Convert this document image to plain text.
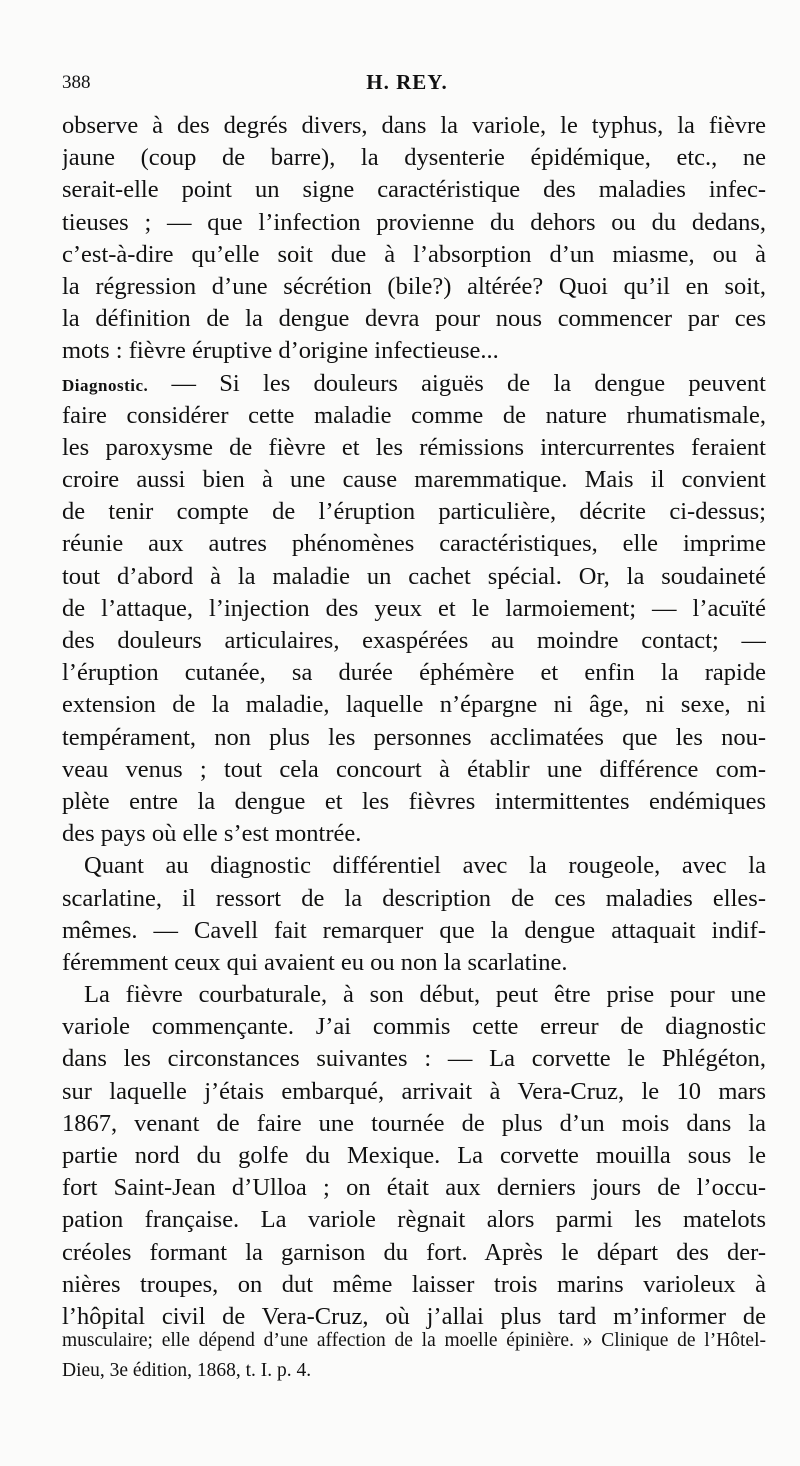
388	H. REY.
observe à des degrés divers, dans la variole, le typhus, la fièvre
jaune (coup de barre), la dysenterie épidémique, etc., ne
serait-elle point un signe caractéristique des maladies infec-
tieuses ; — que l’infection provienne du dehors ou du dedans,
c’est-à-dire qu’elle soit due à l’absorption d’un miasme, ou à
la régression d’une sécrétion (bile?) altérée? Quoi qu’il en soit,
la définition de la dengue devra pour nous commencer par ces
mots : fièvre éruptive d’origine infectieuse...
Diagnostic. — Si les douleurs aiguës de la dengue peuvent
faire considérer cette maladie comme de nature rhumatismale,
les paroxysme de fièvre et les rémissions intercurrentes feraient
croire aussi bien à une cause maremmatique. Mais il convient
de tenir compte de l’éruption particulière, décrite ci-dessus;
réunie aux autres phénomènes caractéristiques, elle imprime
tout d’abord à la maladie un cachet spécial. Or, la soudaineté
de l’attaque, l’injection des yeux et le larmoiement; — l’acuïté
des douleurs articulaires, exaspérées au moindre contact; —
l’éruption cutanée, sa durée éphémère et enfin la rapide
extension de la maladie, laquelle n’épargne ni âge, ni sexe, ni
tempérament, non plus les personnes acclimatées que les nou-
veau venus ; tout cela concourt à établir une différence com-
plète entre la dengue et les fièvres intermittentes endémiques
des pays où elle s’est montrée.
Quant au diagnostic différentiel avec la rougeole, avec la
scarlatine, il ressort de la description de ces maladies elles-
mêmes. — Cavell fait remarquer que la dengue attaquait indif-
féremment ceux qui avaient eu ou non la scarlatine.
La fièvre courbaturale, à son début, peut être prise pour une
variole commençante. J’ai commis cette erreur de diagnostic
dans les circonstances suivantes : — La corvette le Phlégéton,
sur laquelle j’étais embarqué, arrivait à Vera-Cruz, le 10 mars
1867, venant de faire une tournée de plus d’un mois dans la
partie nord du golfe du Mexique. La corvette mouilla sous le
fort Saint-Jean d’Ulloa ; on était aux derniers jours de l’occu-
pation française. La variole règnait alors parmi les matelots
créoles formant la garnison du fort. Après le départ des der-
nières troupes, on dut même laisser trois marins varioleux à
l’hôpital civil de Vera-Cruz, où j’allai plus tard m’informer de
musculaire; elle dépend d’une affection de la moelle épinière. » Clinique de l’Hôtel-
Dieu, 3e édition, 1868, t. I. p. 4.
